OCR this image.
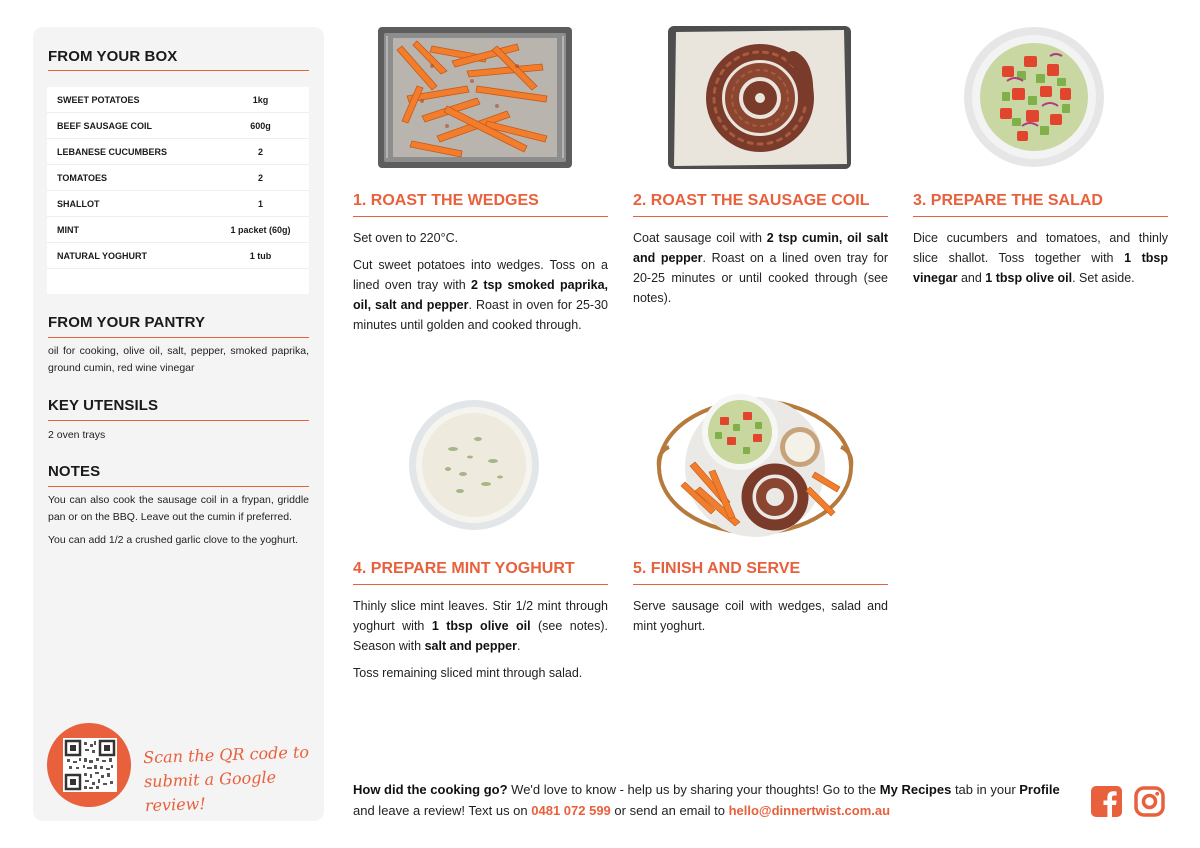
FROM YOUR BOX
SWEET POTATOES	1kg
BEEF SAUSAGE COIL	600g
LEBANESE CUCUMBERS	2
TOMATOES	2
SHALLOT	1
MINT	1 packet (60g)
NATURAL YOGHURT	1 tub
FROM YOUR PANTRY
oil for cooking, olive oil, salt, pepper, smoked paprika, ground cumin, red wine vinegar
KEY UTENSILS
2 oven trays
NOTES

You can also cook the sausage coil in a frypan, griddle pan or on the BBQ. Leave out the cumin if preferred.

You can add 1/2 a crushed garlic clove to the yoghurt.

Scan the QR code to
submit a Google review!
1. ROAST THE WEDGES

Set oven to 220°C.

Cut sweet potatoes into wedges. Toss on a lined oven tray with 2 tsp smoked paprika, oil, salt and pepper. Roast in oven for 25-30 minutes until golden and cooked through.

2. ROAST THE SAUSAGE COIL

Coat sausage coil with 2 tsp cumin, oil salt and pepper. Roast on a lined oven tray for 20-25 minutes or until cooked through (see notes).

3. PREPARE THE SALAD

Dice cucumbers and tomatoes, and thinly slice shallot. Toss together with 1 tbsp vinegar and 1 tbsp olive oil. Set aside.

4. PREPARE MINT YOGHURT

Thinly slice mint leaves. Stir 1/2 mint through yoghurt with 1 tbsp olive oil (see notes). Season with salt and pepper.

Toss remaining sliced mint through salad.

5. FINISH AND SERVE

Serve sausage coil with wedges, salad and mint yoghurt.

How did the cooking go? We'd love to know - help us by sharing your thoughts! Go to the My Recipes tab in your Profile and leave a review! Text us on 0481 072 599 or send an email to hello@dinnertwist.com.au
